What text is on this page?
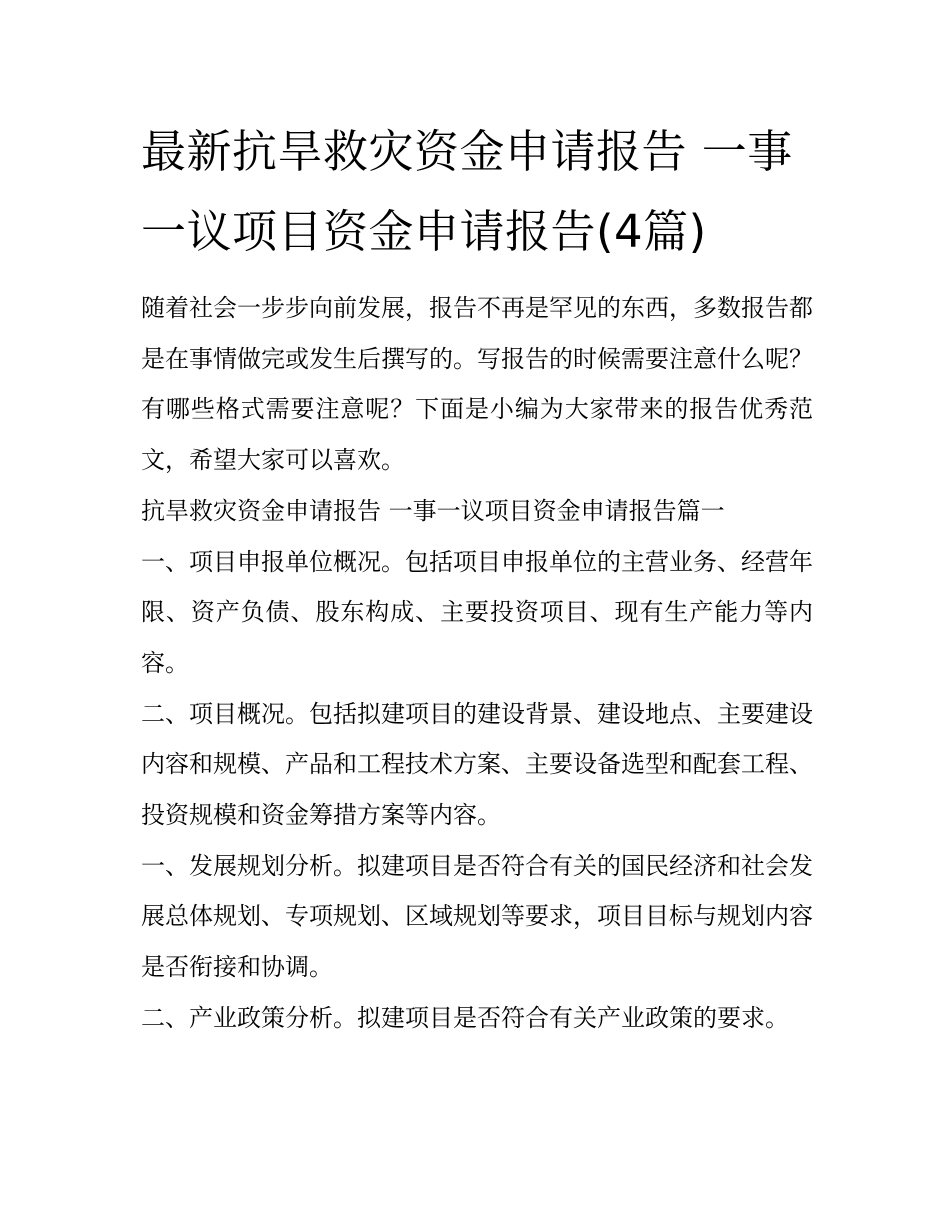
最新抗旱救灾资金申请报告 一事一议项目资金申请报告(4篇)

随着社会一步步向前发展，报告不再是罕见的东西，多数报告都是在事情做完或发生后撰写的。写报告的时候需要注意什么呢？有哪些格式需要注意呢？下面是小编为大家带来的报告优秀范文，希望大家可以喜欢。

抗旱救灾资金申请报告 一事一议项目资金申请报告篇一

一、项目申报单位概况。包括项目申报单位的主营业务、经营年限、资产负债、股东构成、主要投资项目、现有生产能力等内容。

二、项目概况。包括拟建项目的建设背景、建设地点、主要建设内容和规模、产品和工程技术方案、主要设备选型和配套工程、投资规模和资金筹措方案等内容。

一、发展规划分析。拟建项目是否符合有关的国民经济和社会发展总体规划、专项规划、区域规划等要求，项目目标与规划内容是否衔接和协调。

二、产业政策分析。拟建项目是否符合有关产业政策的要求。
